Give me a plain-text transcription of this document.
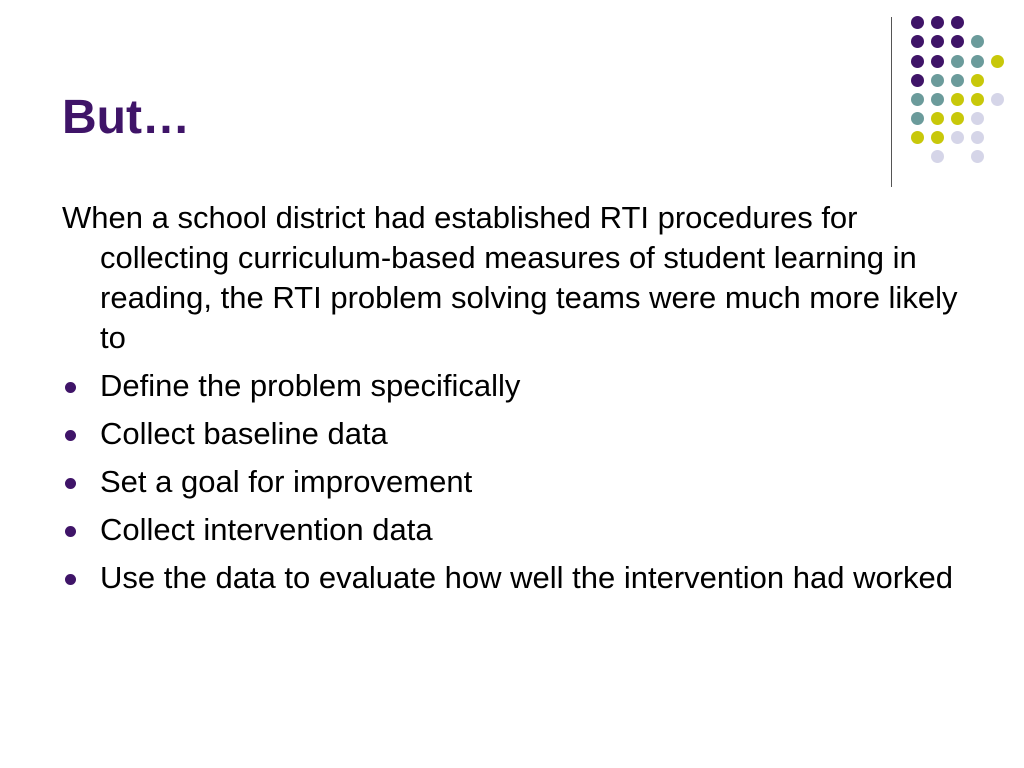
But…

When a school district had established RTI procedures for collecting curriculum-based measures of student learning in reading, the RTI problem solving teams were much more likely to

Define the problem specifically
Collect baseline data
Set a goal for improvement
Collect intervention data
Use the data to evaluate how well the intervention had worked
